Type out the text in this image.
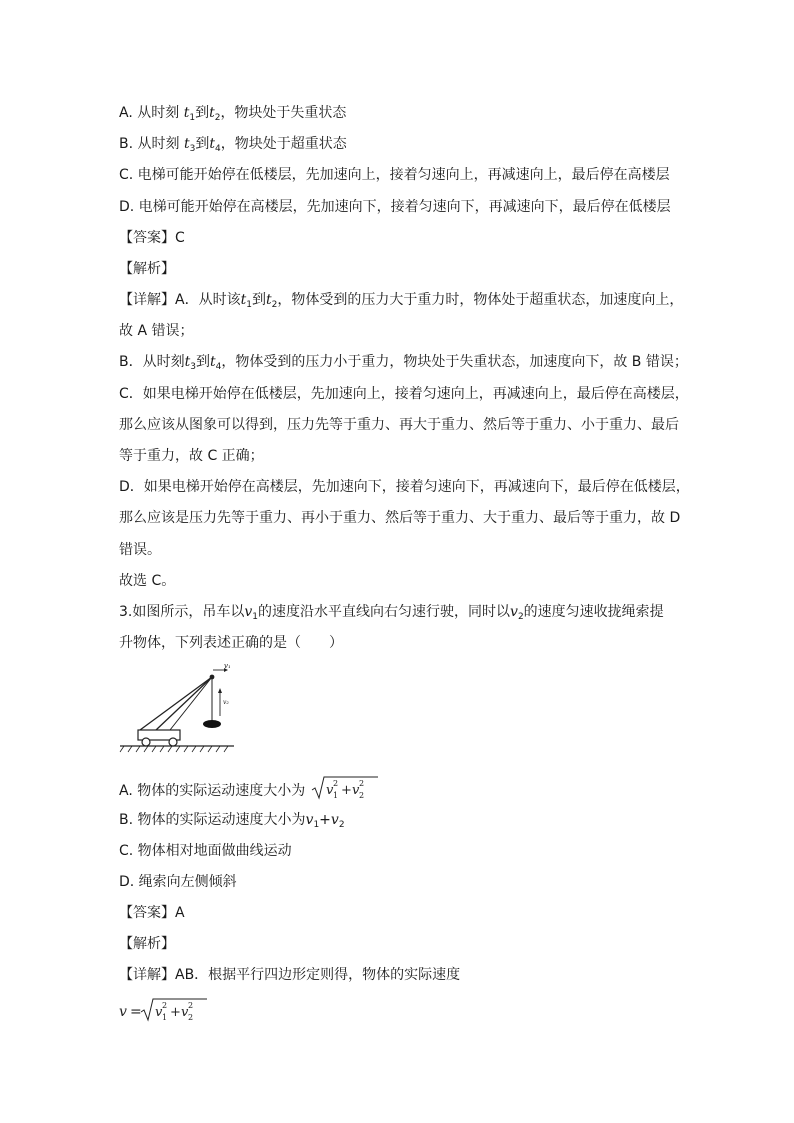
A. 从时刻 $t_1$到$t_2$，物块处于失重状态
B. 从时刻 $t_3$到$t_4$，物块处于超重状态
C. 电梯可能开始停在低楼层，先加速向上，接着匀速向上，再减速向上，最后停在高楼层
D. 电梯可能开始停在高楼层，先加速向下，接着匀速向下，再减速向下，最后停在低楼层
【答案】C
【解析】
【详解】A．从时该$t_1$到$t_2$，物体受到的压力大于重力时，物体处于超重状态，加速度向上，
故 A 错误；
B．从时刻$t_3$到$t_4$，物体受到的压力小于重力，物块处于失重状态，加速度向下，故 B 错误；
C．如果电梯开始停在低楼层，先加速向上，接着匀速向上，再减速向上，最后停在高楼层，
那么应该从图象可以得到，压力先等于重力、再大于重力、然后等于重力、小于重力、最后
等于重力，故 C 正确；
D．如果电梯开始停在高楼层，先加速向下，接着匀速向下，再减速向下，最后停在低楼层，
那么应该是压力先等于重力、再小于重力、然后等于重力、大于重力、最后等于重力，故 D
错误。
故选 C。
3.如图所示，吊车以$v_1$的速度沿水平直线向右匀速行驶，同时以$v_2$的速度匀速收拢绳索提
升物体，下列表述正确的是（　　）
v₁
v₂
A. 物体的实际运动速度大小为 v 2
1 + v 2
2
B. 物体的实际运动速度大小为$v_1+v_2$
C. 物体相对地面做曲线运动
D. 绳索向左侧倾斜
【答案】A
【解析】
【详解】AB．根据平行四边形定则得，物体的实际速度
v = v 2
1 + v 2
2
